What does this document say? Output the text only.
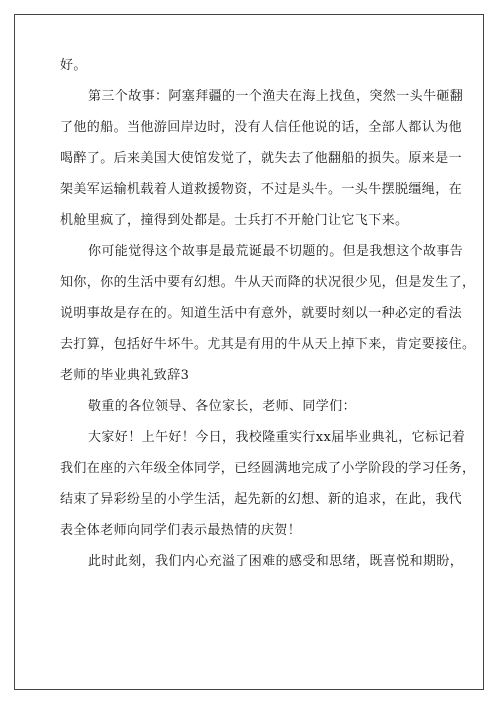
好。
第三个故事：阿塞拜疆的一个渔夫在海上找鱼，突然一头牛砸翻
了他的船。当他游回岸边时，没有人信任他说的话，全部人都认为他
喝醉了。后来美国大使馆发觉了，就失去了他翻船的损失。原来是一
架美军运输机载着人道救援物资，不过是头牛。一头牛摆脱缰绳，在
机舱里疯了，撞得到处都是。士兵打不开舱门让它飞下来。
你可能觉得这个故事是最荒诞最不切题的。但是我想这个故事告
知你，你的生活中要有幻想。牛从天而降的状况很少见，但是发生了，
说明事故是存在的。知道生活中有意外，就要时刻以一种必定的看法
去打算，包括好牛坏牛。尤其是有用的牛从天上掉下来，肯定要接住。
老师的毕业典礼致辞3
敬重的各位领导、各位家长，老师、同学们：
大家好！上午好！今日，我校隆重实行xx届毕业典礼，它标记着
我们在座的六年级全体同学，已经圆满地完成了小学阶段的学习任务，
结束了异彩纷呈的小学生活，起先新的幻想、新的追求，在此，我代
表全体老师向同学们表示最热情的庆贺！
此时此刻，我们内心充溢了困难的感受和思绪，既喜悦和期盼，
